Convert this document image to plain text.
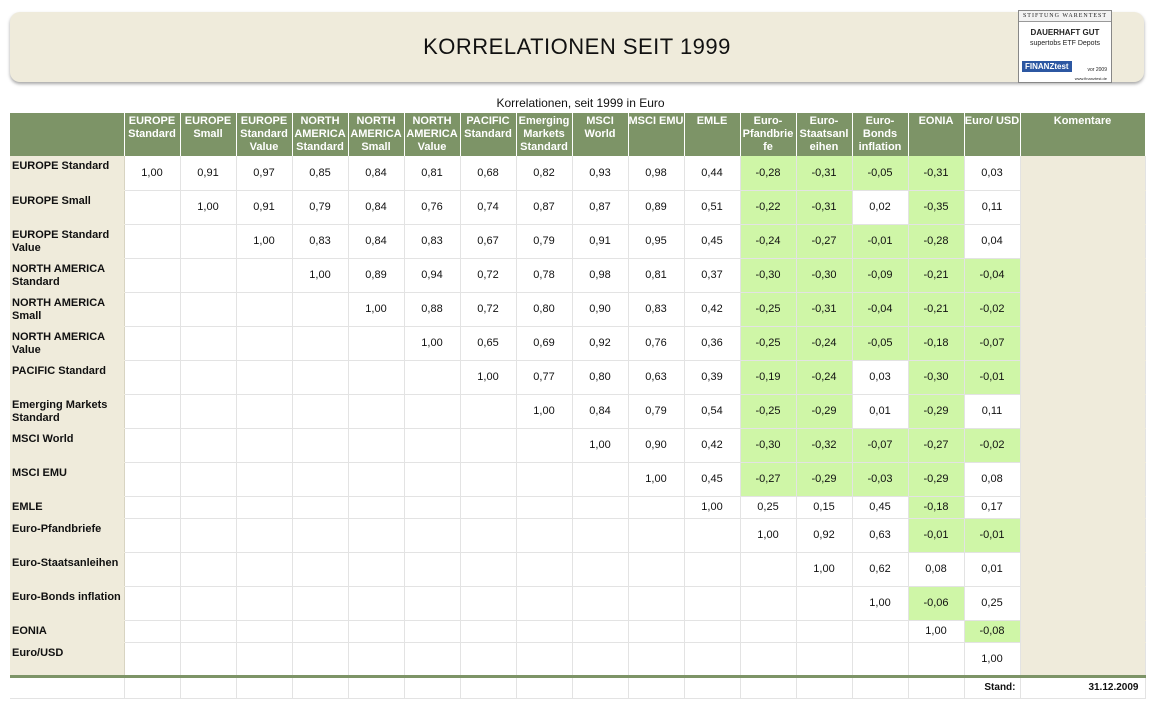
KORRELATIONEN SEIT 1999
STIFTUNG WARENTEST
DAUERHAFT GUT
supertobs ETF Depots
FINANZtest	vor 2009
www.finanztest.de
Korrelationen, seit 1999 in Euro
	EUROPE Standard	EUROPE Small	EUROPE Standard Value	NORTH AMERICA Standard	NORTH AMERICA Small	NORTH AMERICA Value	PACIFIC Standard	Emerging Markets Standard	MSCI World	MSCI EMU	EMLE	Euro-Pfandbrie fe	Euro-Staatsanl eihen	Euro-Bonds inflation	EONIA	Euro/ USD	Komentare
EUROPE Standard	1,00	0,91	0,97	0,85	0,84	0,81	0,68	0,82	0,93	0,98	0,44	-0,28	-0,31	-0,05	-0,31	0,03	
EUROPE Small		1,00	0,91	0,79	0,84	0,76	0,74	0,87	0,87	0,89	0,51	-0,22	-0,31	0,02	-0,35	0,11	
EUROPE Standard Value			1,00	0,83	0,84	0,83	0,67	0,79	0,91	0,95	0,45	-0,24	-0,27	-0,01	-0,28	0,04	
NORTH AMERICA Standard				1,00	0,89	0,94	0,72	0,78	0,98	0,81	0,37	-0,30	-0,30	-0,09	-0,21	-0,04	
NORTH AMERICA Small					1,00	0,88	0,72	0,80	0,90	0,83	0,42	-0,25	-0,31	-0,04	-0,21	-0,02	
NORTH AMERICA Value						1,00	0,65	0,69	0,92	0,76	0,36	-0,25	-0,24	-0,05	-0,18	-0,07	
PACIFIC Standard							1,00	0,77	0,80	0,63	0,39	-0,19	-0,24	0,03	-0,30	-0,01	
Emerging Markets Standard								1,00	0,84	0,79	0,54	-0,25	-0,29	0,01	-0,29	0,11	
MSCI World									1,00	0,90	0,42	-0,30	-0,32	-0,07	-0,27	-0,02	
MSCI EMU										1,00	0,45	-0,27	-0,29	-0,03	-0,29	0,08	
EMLE											1,00	0,25	0,15	0,45	-0,18	0,17	
Euro-Pfandbriefe												1,00	0,92	0,63	-0,01	-0,01	
Euro-Staatsanleihen													1,00	0,62	0,08	0,01	
Euro-Bonds inflation														1,00	-0,06	0,25	
EONIA															1,00	-0,08	
Euro/USD																1,00	
																Stand:	31.12.2009
